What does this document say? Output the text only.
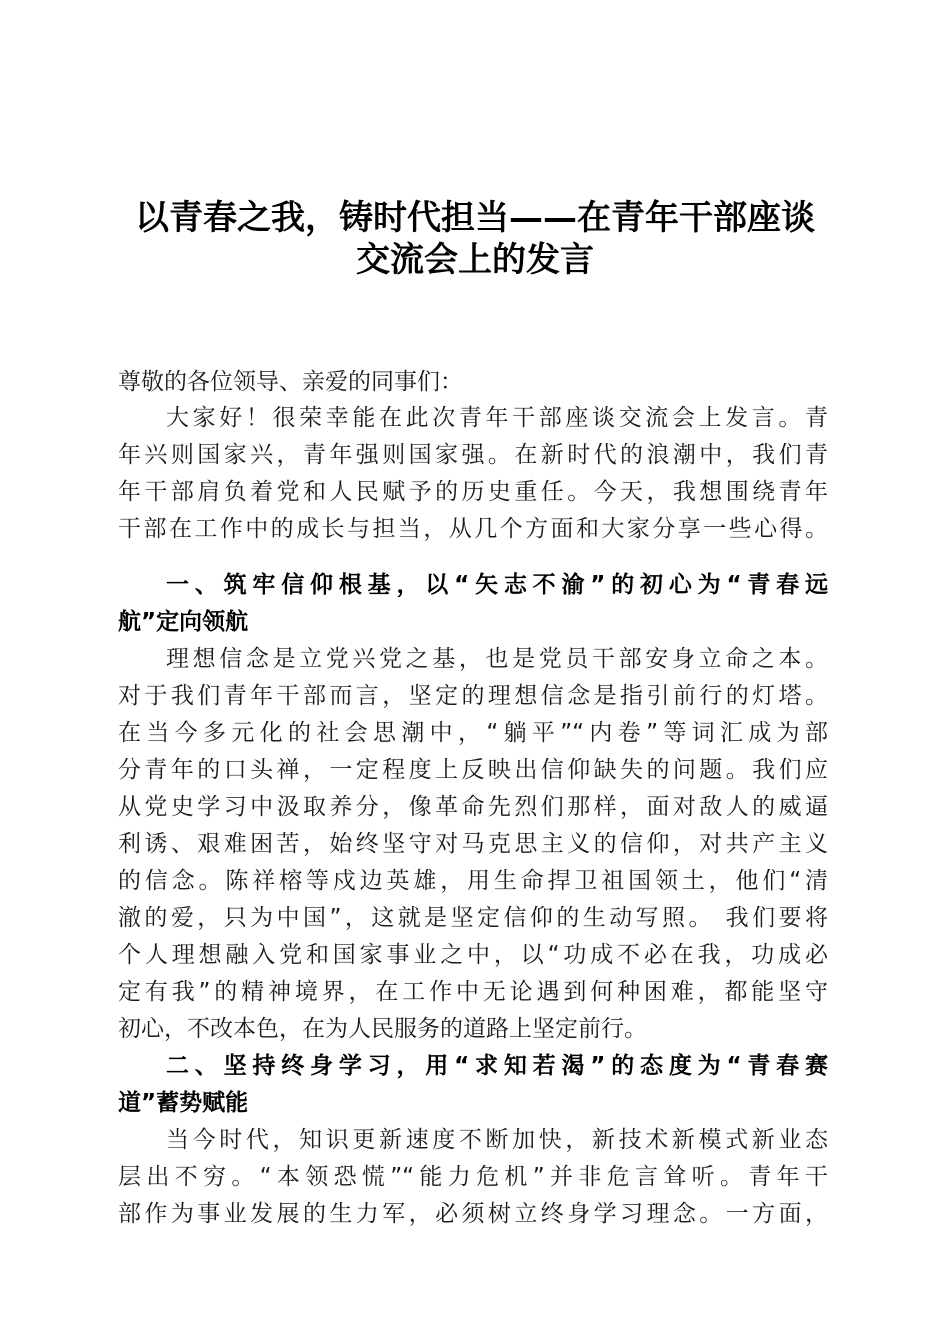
以青春之我，铸时代担当——在青年干部座谈
交流会上的发言
尊敬的各位领导、亲爱的同事们：
大家好！很荣幸能在此次青年干部座谈交流会上发言。青
年兴则国家兴，青年强则国家强。在新时代的浪潮中，我们青
年干部肩负着党和人民赋予的历史重任。今天，我想围绕青年
干部在工作中的成长与担当，从几个方面和大家分享一些心得。
一、筑牢信仰根基，以“矢志不渝”的初心为“青春远
航”定向领航
理想信念是立党兴党之基，也是党员干部安身立命之本。
对于我们青年干部而言，坚定的理想信念是指引前行的灯塔。
在当今多元化的社会思潮中，“躺平”“内卷”等词汇成为部
分青年的口头禅，一定程度上反映出信仰缺失的问题。我们应
从党史学习中汲取养分，像革命先烈们那样，面对敌人的威逼
利诱、艰难困苦，始终坚守对马克思主义的信仰，对共产主义
的信念。陈祥榕等戍边英雄，用生命捍卫祖国领土，他们“清
澈的爱，只为中国”，这就是坚定信仰的生动写照。 我们要将
个人理想融入党和国家事业之中，以“功成不必在我，功成必
定有我”的精神境界，在工作中无论遇到何种困难，都能坚守
初心，不改本色，在为人民服务的道路上坚定前行。
二、坚持终身学习，用“求知若渴”的态度为“青春赛
道”蓄势赋能
当今时代，知识更新速度不断加快，新技术新模式新业态
层出不穷。“本领恐慌”“能力危机”并非危言耸听。青年干
部作为事业发展的生力军，必须树立终身学习理念。一方面，
